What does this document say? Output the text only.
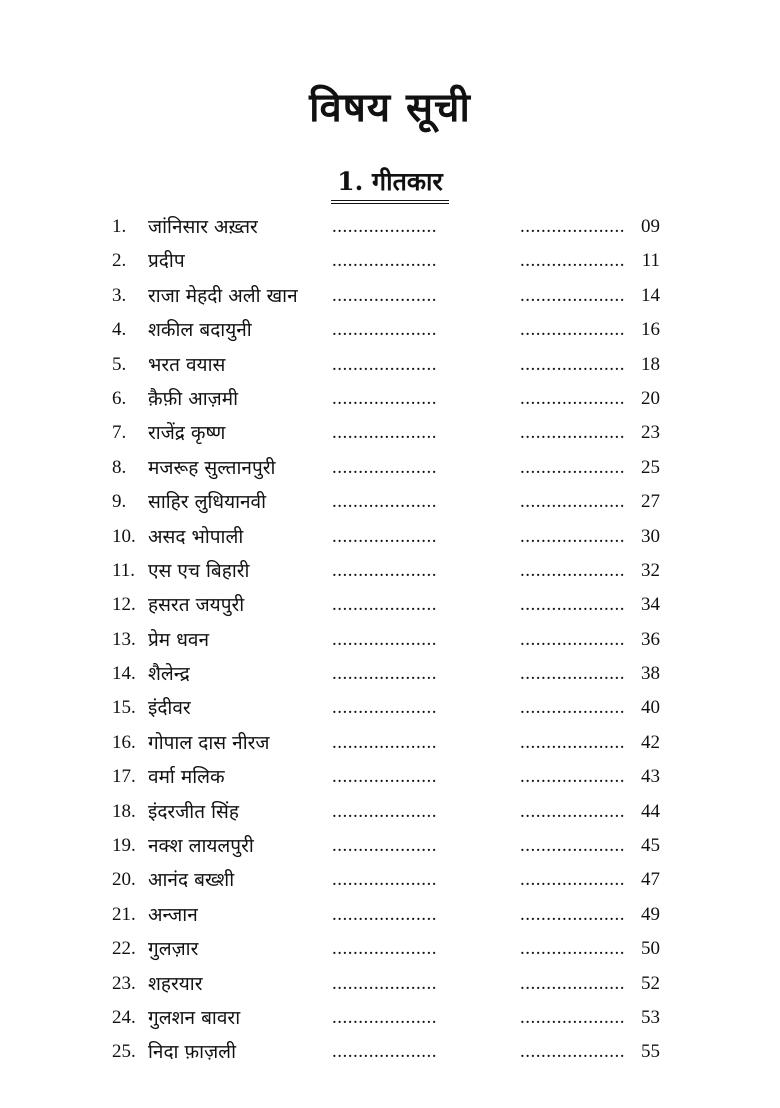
विषय सूची
1. गीतकार
1. जांनिसार अख़्तर	....................	.................... 09
2. प्रदीप	....................	.................... 11
3. राजा मेहदी अली खान ....................	.................... 14
4. शकील बदायुनी	....................	.................... 16
5. भरत वयास	....................	.................... 18
6. क़ैफ़ी आज़मी	....................	.................... 20
7. राजेंद्र कृष्ण	....................	.................... 23
8. मजरूह सुल्तानपुरी	....................	.................... 25
9. साहिर लुधियानवी	....................	.................... 27
10. असद भोपाली	....................	.................... 30
11. एस एच बिहारी	....................	.................... 32
12. हसरत जयपुरी	....................	.................... 34
13. प्रेम धवन	....................	.................... 36
14. शैलेन्द्र	....................	.................... 38
15. इंदीवर	....................	.................... 40
16. गोपाल दास नीरज	....................	.................... 42
17. वर्मा मलिक	....................	.................... 43
18. इंदरजीत सिंह	....................	.................... 44
19. नक्श लायलपुरी	....................	.................... 45
20. आनंद बख्शी	....................	.................... 47
21. अन्जान	....................	.................... 49
22. गुलज़ार	....................	.................... 50
23. शहरयार	....................	.................... 52
24. गुलशन बावरा	....................	.................... 53
25. निदा फ़ाज़ली	....................	.................... 55
